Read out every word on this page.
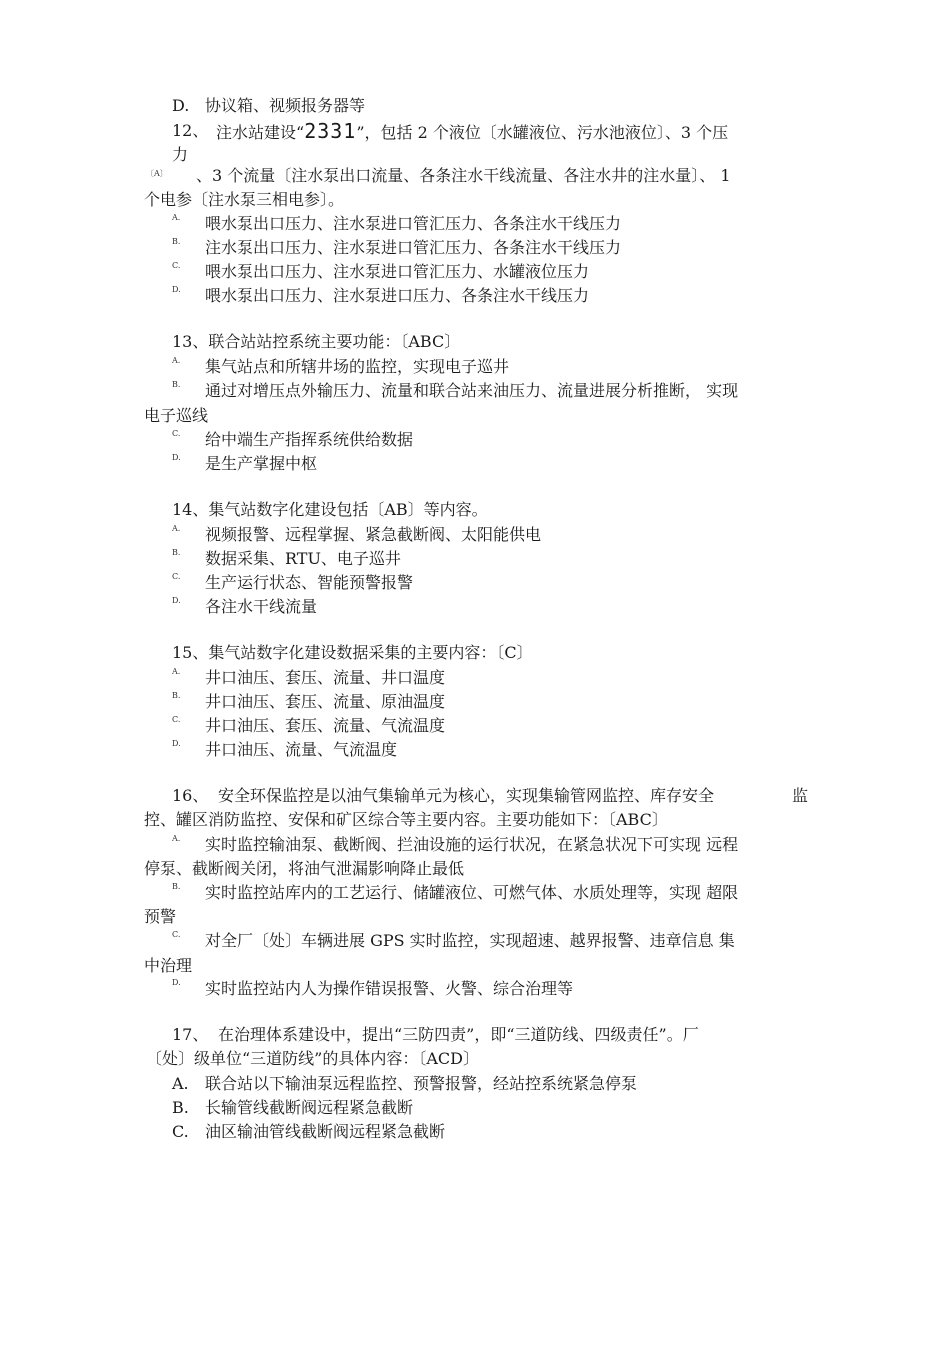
D. 协议箱、视频报务器等
12、 注水站建设“2331”，包括 2 个液位〔水罐液位、污水池液位〕、3 个压
力
〔A〕 、3 个流量〔注水泵出口流量、各条注水干线流量、各注水井的注水量〕、 1
个电参〔注水泵三相电参〕。
A. 喂水泵出口压力、注水泵进口管汇压力、各条注水干线压力
B. 注水泵出口压力、注水泵进口管汇压力、各条注水干线压力
C. 喂水泵出口压力、注水泵进口管汇压力、水罐液位压力
D. 喂水泵出口压力、注水泵进口压力、各条注水干线压力
13、联合站站控系统主要功能：〔ABC〕
A. 集气站点和所辖井场的监控，实现电子巡井
B. 通过对增压点外输压力、流量和联合站来油压力、流量进展分析推断， 实现
电子巡线
C. 给中端生产指挥系统供给数据
D. 是生产掌握中枢
14、集气站数字化建设包括〔AB〕等内容。
A. 视频报警、远程掌握、紧急截断阀、太阳能供电
B. 数据采集、RTU、电子巡井
C. 生产运行状态、智能预警报警
D. 各注水干线流量
15、集气站数字化建设数据采集的主要内容：〔C〕
A. 井口油压、套压、流量、井口温度
B. 井口油压、套压、流量、原油温度
C. 井口油压、套压、流量、气流温度
D. 井口油压、流量、气流温度
16、 安全环保监控是以油气集输单元为核心，实现集输管网监控、库存安全	监
控、罐区消防监控、安保和矿区综合等主要内容。主要功能如下：〔ABC〕
A. 实时监控输油泵、截断阀、拦油设施的运行状况，在紧急状况下可实现 远程
停泵、截断阀关闭，将油气泄漏影响降止最低
B. 实时监控站库内的工艺运行、储罐液位、可燃气体、水质处理等，实现 超限
预警
C. 对全厂〔处〕车辆进展 GPS 实时监控，实现超速、越界报警、违章信息 集
中治理
D. 实时监控站内人为操作错误报警、火警、综合治理等
17、 在治理体系建设中，提出“三防四责”，即“三道防线、四级责任”。厂
〔处〕级单位“三道防线”的具体内容：〔ACD〕
A. 联合站以下输油泵远程监控、预警报警，经站控系统紧急停泵
B. 长输管线截断阀远程紧急截断
C. 油区输油管线截断阀远程紧急截断
